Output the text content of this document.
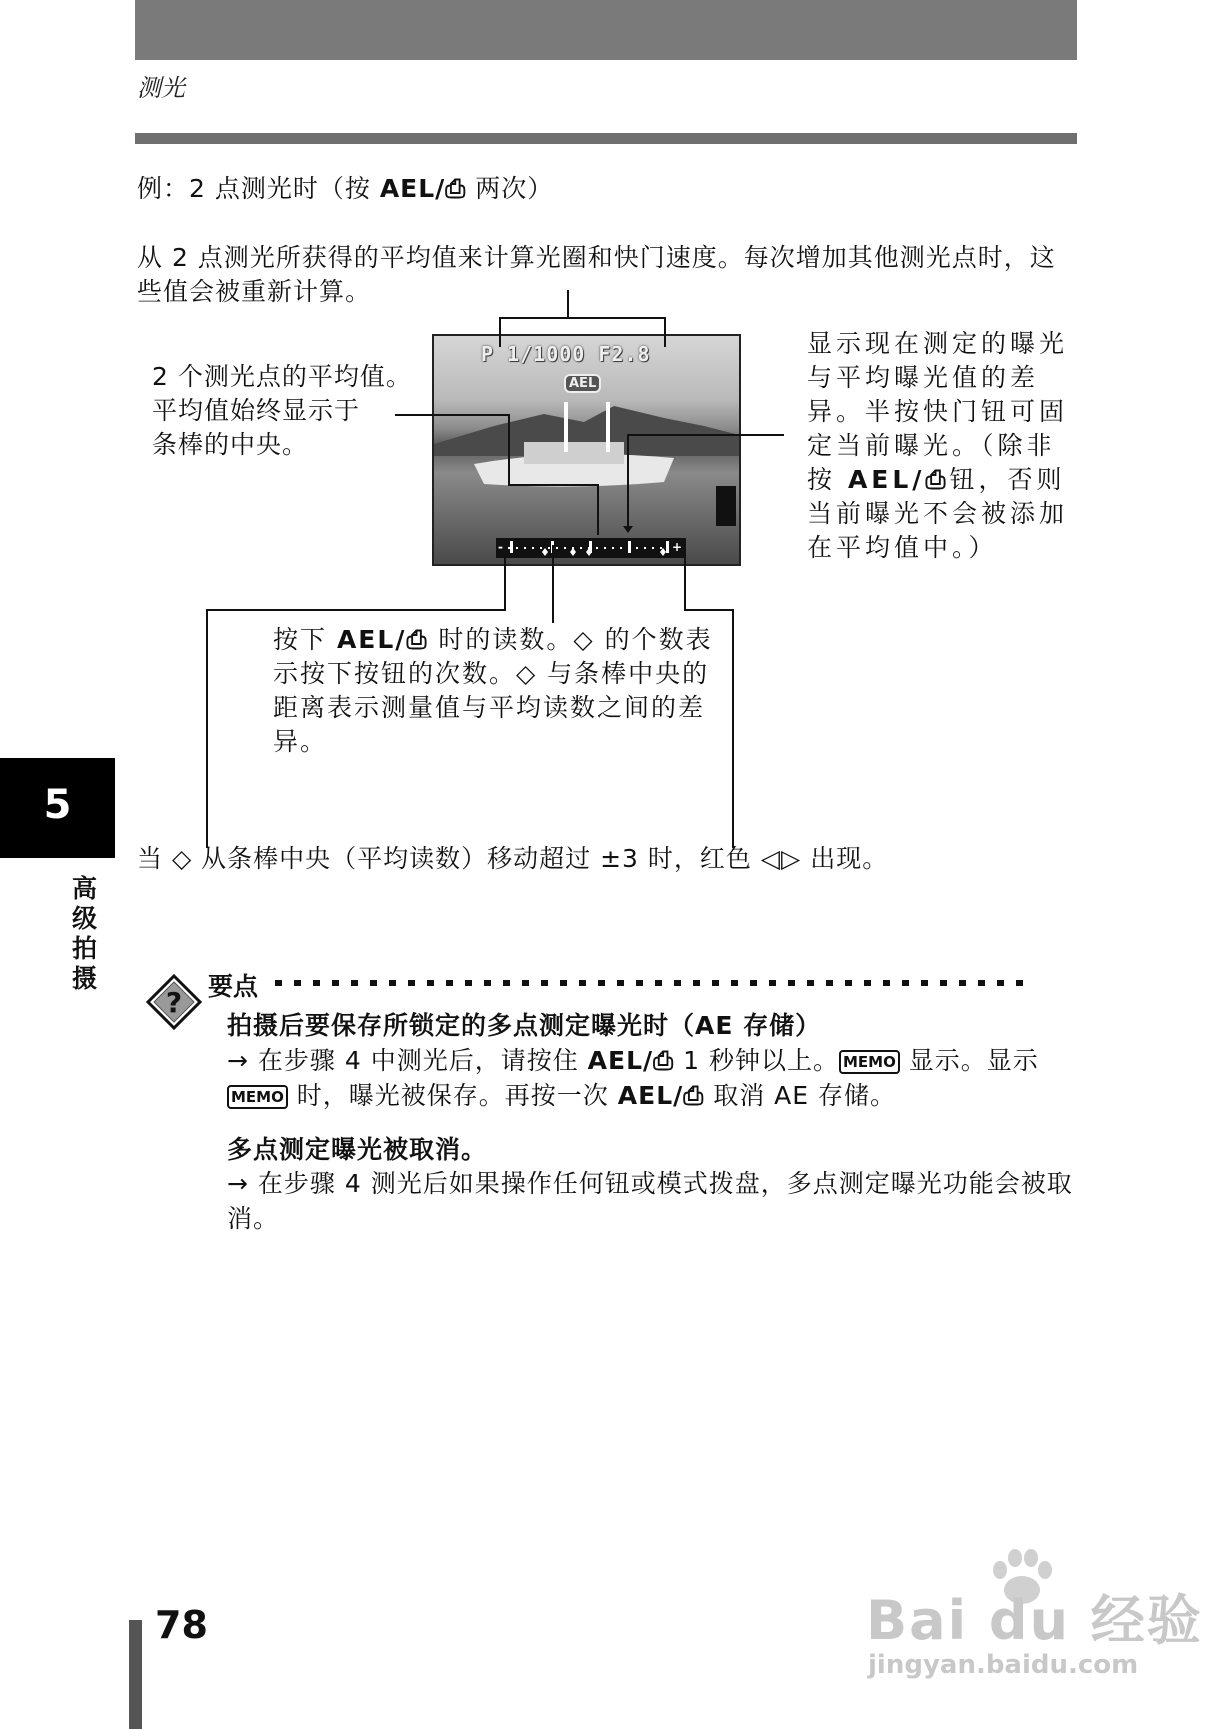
测光
例：2 点测光时（按 AEL/⎙ 两次）
从 2 点测光所获得的平均值来计算光圈和快门速度。每次增加其他测光点时，这些值会被重新计算。
P 1/1000 F2.8
AEL
-	+
2 个测光点的平均值。
平均值始终显示于
条棒的中央。
显示现在测定的曝光与平均曝光值的差异。半按快门钮可固定当前曝光。（除非按 AEL/⎙钮，否则当前曝光不会被添加在平均值中。）
按下 AEL/⎙ 时的读数。◇ 的个数表示按下按钮的次数。◇ 与条棒中央的距离表示测量值与平均读数之间的差异。
当 ◇ 从条棒中央（平均读数）移动超过 ±3 时，红色 ◁▷ 出现。
5
高级拍摄
? 要点
拍摄后要保存所锁定的多点测定曝光时（AE 存储）
→ 在步骤 4 中测光后，请按住 AEL/⎙ 1 秒钟以上。 MEMO 显示。显示 MEMO 时，曝光被保存。再按一次 AEL/⎙ 取消 AE 存储。
多点测定曝光被取消。
→ 在步骤 4 测光后如果操作任何钮或模式拨盘，多点测定曝光功能会被取消。
78	Bai du 经验
jingyan.baidu.com
